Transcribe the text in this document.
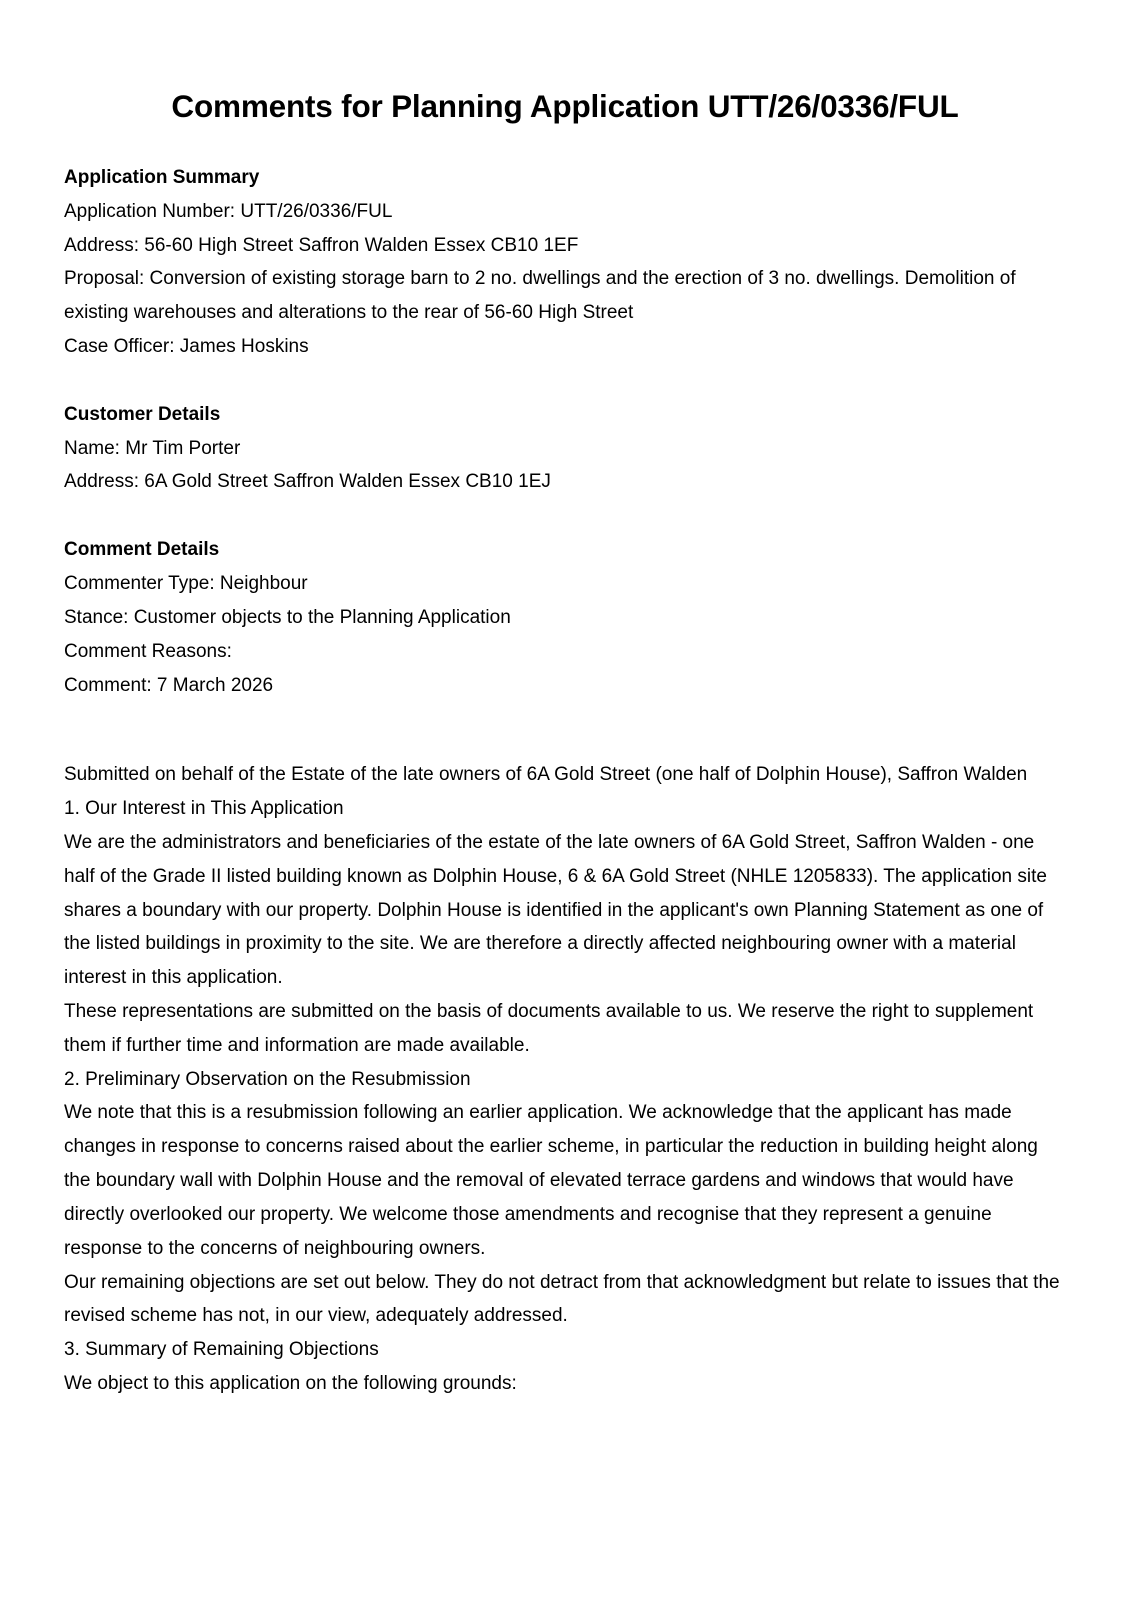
Comments for Planning Application UTT/26/0336/FUL
Application Summary
Application Number: UTT/26/0336/FUL
Address: 56-60 High Street Saffron Walden Essex CB10 1EF
Proposal: Conversion of existing storage barn to 2 no. dwellings and the erection of 3 no. dwellings. Demolition of existing warehouses and alterations to the rear of 56-60 High Street
Case Officer: James Hoskins
Customer Details
Name: Mr Tim Porter
Address: 6A Gold Street Saffron Walden Essex CB10 1EJ
Comment Details
Commenter Type: Neighbour
Stance: Customer objects to the Planning Application
Comment Reasons:
Comment: 7 March 2026
Submitted on behalf of the Estate of the late owners of 6A Gold Street (one half of Dolphin House), Saffron Walden
1. Our Interest in This Application
We are the administrators and beneficiaries of the estate of the late owners of 6A Gold Street, Saffron Walden - one half of the Grade II listed building known as Dolphin House, 6 & 6A Gold Street (NHLE 1205833). The application site shares a boundary with our property. Dolphin House is identified in the applicant's own Planning Statement as one of the listed buildings in proximity to the site. We are therefore a directly affected neighbouring owner with a material interest in this application.
These representations are submitted on the basis of documents available to us. We reserve the right to supplement them if further time and information are made available.
2. Preliminary Observation on the Resubmission
We note that this is a resubmission following an earlier application. We acknowledge that the applicant has made changes in response to concerns raised about the earlier scheme, in particular the reduction in building height along the boundary wall with Dolphin House and the removal of elevated terrace gardens and windows that would have directly overlooked our property. We welcome those amendments and recognise that they represent a genuine response to the concerns of neighbouring owners.
Our remaining objections are set out below. They do not detract from that acknowledgment but relate to issues that the revised scheme has not, in our view, adequately addressed.
3. Summary of Remaining Objections
We object to this application on the following grounds:
